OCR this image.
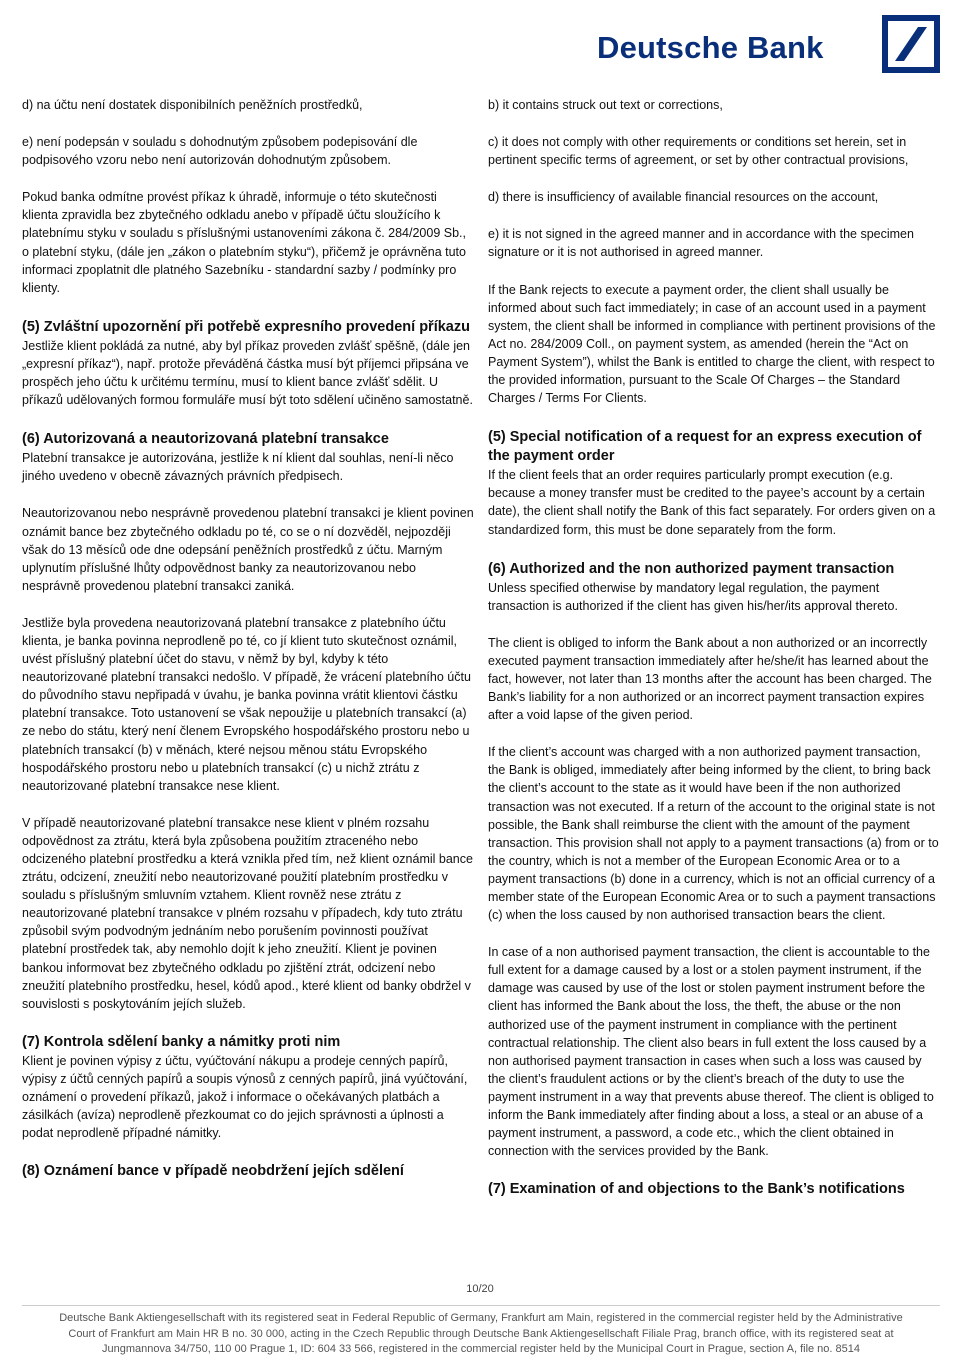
Deutsche Bank

d) na účtu není dostatek disponibilních peněžních prostředků,

e) není podepsán v souladu s dohodnutým způsobem podepisování dle podpisového vzoru nebo není autorizován dohodnutým způsobem.

Pokud banka odmítne provést příkaz k úhradě, informuje o této skutečnosti klienta zpravidla bez zbytečného odkladu anebo v případě účtu sloužícího k platebnímu styku v souladu s příslušnými ustanoveními zákona č. 284/2009 Sb., o platební styku, (dále jen „zákon o platebním styku“), přičemž je oprávněna tuto informaci zpoplatnit dle platného Sazebníku - standardní sazby / podmínky pro klienty.

(5) Zvláštní upozornění při potřebě expresního provedení příkazu

Jestliže klient pokládá za nutné, aby byl příkaz proveden zvlášť spěšně, (dále jen „expresní příkaz“), např. protože převáděná částka musí být příjemci připsána ve prospěch jeho účtu k určitému termínu, musí to klient bance zvlášť sdělit. U příkazů udělovaných formou formuláře musí být toto sdělení učiněno samostatně.

(6) Autorizovaná a neautorizovaná platební transakce

Platební transakce je autorizována, jestliže k ní klient dal souhlas, není-li něco jiného uvedeno v obecně závazných právních předpisech.

Neautorizovanou nebo nesprávně provedenou platební transakci je klient povinen oznámit bance bez zbytečného odkladu po té, co se o ní dozvěděl, nejpozději však do 13 měsíců ode dne odepsání peněžních prostředků z účtu. Marným uplynutím příslušné lhůty odpovědnost banky za neautorizovanou nebo nesprávně provedenou platební transakci zaniká.

Jestliže byla provedena neautorizovaná platební transakce z platebního účtu klienta, je banka povinna neprodleně po té, co jí klient tuto skutečnost oznámil, uvést příslušný platební účet do stavu, v němž by byl, kdyby k této neautorizované platební transakci nedošlo. V případě, že vrácení platebního účtu do původního stavu nepřipadá v úvahu, je banka povinna vrátit klientovi částku platební transakce. Toto ustanovení se však nepoužije u platebních transakcí (a) ze nebo do státu, který není členem Evropského hospodářského prostoru nebo u platebních transakcí (b) v měnách, které nejsou měnou státu Evropského hospodářského prostoru nebo u platebních transakcí (c) u nichž ztrátu z neautorizované platební transakce nese klient.

V případě neautorizované platební transakce nese klient v plném rozsahu odpovědnost za ztrátu, která byla způsobena použitím ztraceného nebo odcizeného platební prostředku a která vznikla před tím, než klient oznámil bance ztrátu, odcizení, zneužití nebo neautorizované použití platebním prostředku v souladu s příslušným smluvním vztahem. Klient rovněž nese ztrátu z neautorizované platební transakce v plném rozsahu v případech, kdy tuto ztrátu způsobil svým podvodným jednáním nebo porušením povinnosti používat platební prostředek tak, aby nemohlo dojít k jeho zneužití. Klient je povinen bankou informovat bez zbytečného odkladu po zjištění ztrát, odcizení nebo zneužití platebního prostředku, hesel, kódů apod., které klient od banky obdržel v souvislosti s poskytováním jejích služeb.

(7) Kontrola sdělení banky a námitky proti nim

Klient je povinen výpisy z účtu, vyúčtování nákupu a prodeje cenných papírů, výpisy z účtů cenných papírů a soupis výnosů z cenných papírů, jiná vyúčtování, oznámení o provedení příkazů, jakož i informace o očekávaných platbách a zásilkách (avíza) neprodleně přezkoumat co do jejich správnosti a úplnosti a podat neprodleně případné námitky.

(8) Oznámení bance v případě neobdržení jejích sdělení

b) it contains struck out text or corrections,

c) it does not comply with other requirements or conditions set herein, set in pertinent specific terms of agreement, or set by other contractual provisions,

d) there is insufficiency of available financial resources on the account,

e) it is not signed in the agreed manner and in accordance with the specimen signature or it is not authorised in agreed manner.

If the Bank rejects to execute a payment order, the client shall usually be informed about such fact immediately; in case of an account used in a payment system, the client shall be informed in compliance with pertinent provisions of the Act no. 284/2009 Coll., on payment system, as amended (herein the “Act on Payment System”), whilst the Bank is entitled to charge the client, with respect to the provided information, pursuant to the Scale Of Charges – the Standard Charges / Terms For Clients.

(5) Special notification of a request for an express execution of the payment order

If the client feels that an order requires particularly prompt execution (e.g. because a money transfer must be credited to the payee’s account by a certain date), the client shall notify the Bank of this fact separately. For orders given on a standardized form, this must be done separately from the form.

(6) Authorized and the non authorized payment transaction

Unless specified otherwise by mandatory legal regulation, the payment transaction is authorized if the client has given his/her/its approval thereto.

The client is obliged to inform the Bank about a non authorized or an incorrectly executed payment transaction immediately after he/she/it has learned about the fact, however, not later than 13 months after the account has been charged. The Bank’s liability for a non authorized or an incorrect payment transaction expires after a void lapse of the given period.

If the client’s account was charged with a non authorized payment transaction, the Bank is obliged, immediately after being informed by the client, to bring back the client’s account to the state as it would have been if the non authorized transaction was not executed. If a return of the account to the original state is not possible, the Bank shall reimburse the client with the amount of the payment transaction. This provision shall not apply to a payment transactions (a) from or to the country, which is not a member of the European Economic Area or to a payment transactions (b) done in a currency, which is not an official currency of a member state of the European Economic Area or to such a payment transactions (c) when the loss caused by non authorised transaction bears the client.

In case of a non authorised payment transaction, the client is accountable to the full extent for a damage caused by a lost or a stolen payment instrument, if the damage was caused by use of the lost or stolen payment instrument before the client has informed the Bank about the loss, the theft, the abuse or the non authorized use of the payment instrument in compliance with the pertinent contractual relationship. The client also bears in full extent the loss caused by a non authorised payment transaction in cases when such a loss was caused by the client’s fraudulent actions or by the client’s breach of the duty to use the payment instrument in a way that prevents abuse thereof. The client is obliged to inform the Bank immediately after finding about a loss, a steal or an abuse of a payment instrument, a password, a code etc., which the client obtained in connection with the services provided by the Bank.

(7) Examination of and objections to the Bank’s notifications

10/20
Deutsche Bank Aktiengesellschaft with its registered seat in Federal Republic of Germany, Frankfurt am Main, registered in the commercial register held by the Administrative
Court of Frankfurt am Main HR B no. 30 000, acting in the Czech Republic through Deutsche Bank Aktiengesellschaft Filiale Prag, branch office, with its registered seat at
Jungmannova 34/750, 110 00 Prague 1, ID: 604 33 566, registered in the commercial register held by the Municipal Court in Prague, section A, file no. 8514
